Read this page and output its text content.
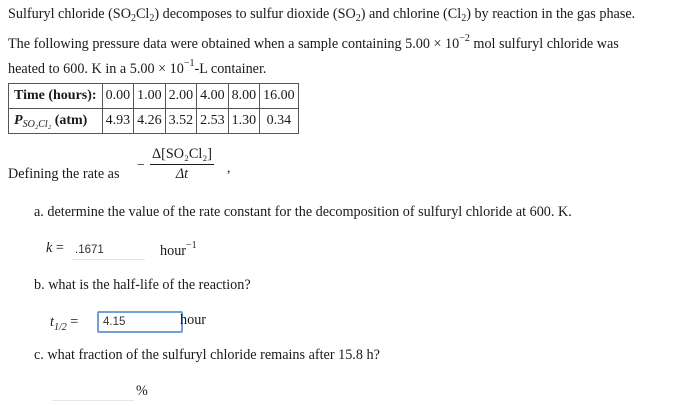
Sulfuryl chloride $(SO_2Cl_2)$ decomposes to sulfur dioxide $(SO_2)$ and chlorine $(Cl_2)$ by reaction in the gas phase.
The following pressure data were obtained when a sample containing $5.00 \times 10^{-2}$ mol sulfuryl chloride was
heated to 600. K in a $5.00 \times 10^{-1}-L$ container.
Time (hours):	0.00	1.00	2.00	4.00	8.00	16.00
$P_{SO_2Cl_2}$ (atm)	4.93	4.26	3.52	2.53	1.30	0.34
Defining the rate as
− $\frac{\text{Δ[SO₂Cl₂]}}{\Delta t}$ ,
a. determine the value of the rate constant for the decomposition of sulfuryl chloride at 600. K.
k = .1671	hour$^{-1}$
b. what is the half-life of the reaction?
$t_{1/2}$ =	4.15	hour
c. what fraction of the sulfuryl chloride remains after 15.8 h?
%
